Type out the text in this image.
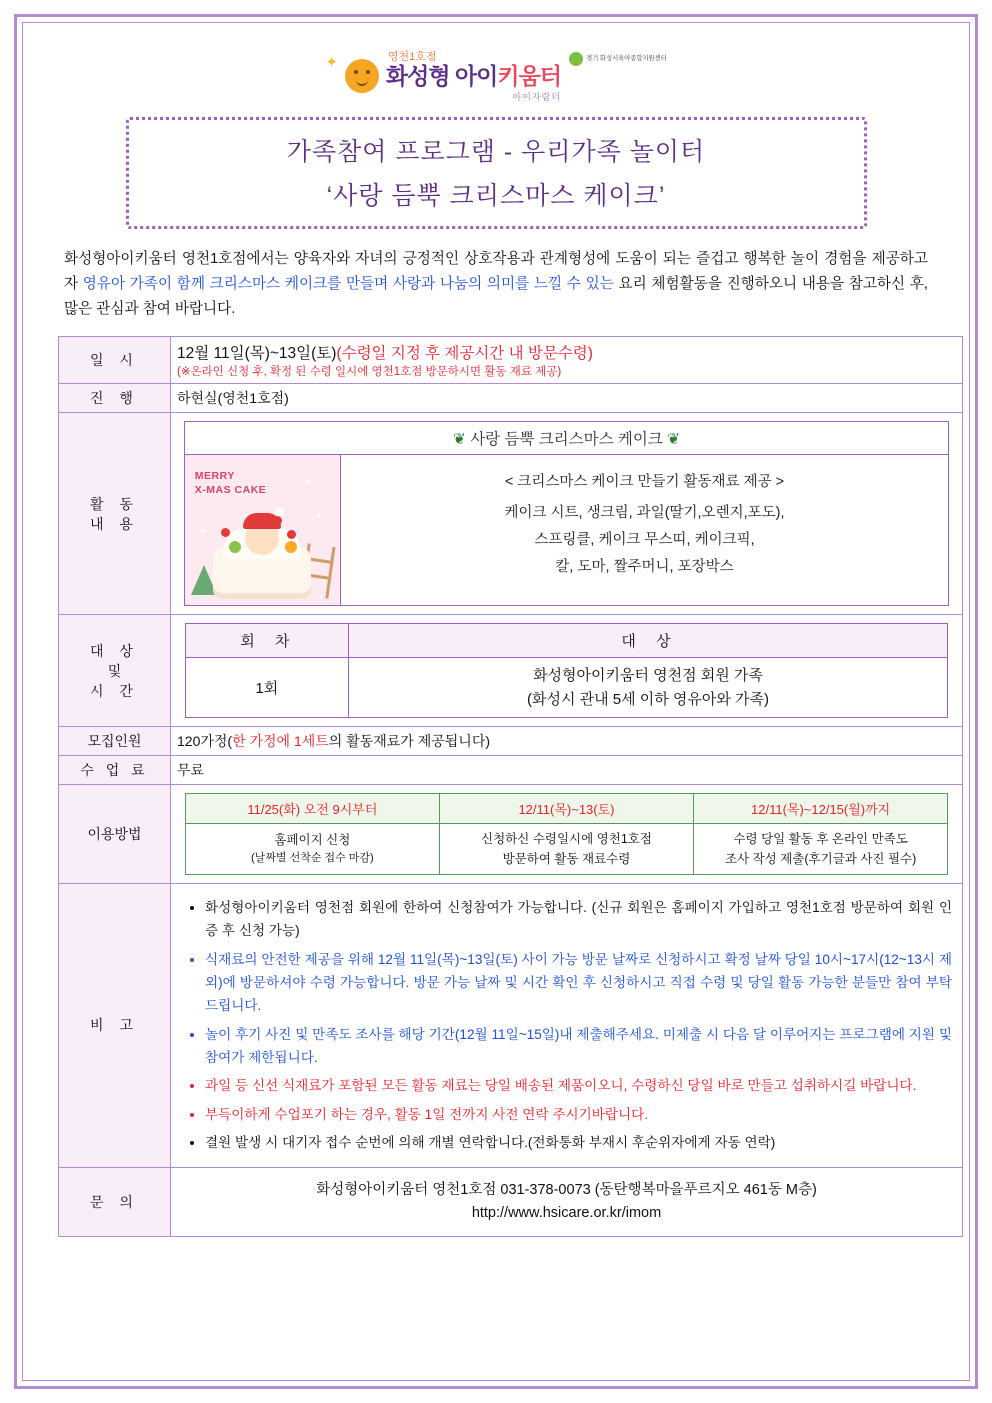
✦	영천1호점
화성형 아이키움터
아이자람터
경기 화성시육아종합지원센터
가족참여 프로그램 - 우리가족 놀이터
‘사랑 듬뿍 크리스마스 케이크’

화성형아이키움터 영천1호점에서는 양육자와 자녀의 긍정적인 상호작용과 관계형성에 도움이 되는 즐겁고 행복한 놀이 경험을 제공하고자 영유아 가족이 함께 크리스마스 케이크를 만들며 사랑과 나눔의 의미를 느낄 수 있는 요리 체험활동을 진행하오니 내용을 참고하신 후, 많은 관심과 참여 바랍니다.

일 시	12월 11일(목)~13일(토)(수령일 지정 후 제공시간 내 방문수령)
(※온라인 신청 후, 확정 된 수령 일시에 영천1호점 방문하시면 활동 재료 제공)

진 행	하현실(영천1호점)

활 동
내 용

❦ 사랑 듬뿍 크리스마스 케이크 ❦
MERRY
X-MAS CAKE
< 크리스마스 케이크 만들기 활동재료 제공 >
케이크 시트, 생크림, 과일(딸기,오렌지,포도),
스프링클, 케이크 무스띠, 케이크픽,
칼, 도마, 짤주머니, 포장박스

대 상
및
시 간

회 차	대 상
1회	
화성형아이키움터 영천점 회원 가족
(화성시 관내 5세 이하 영유아와 가족)

모집인원	120가정(한 가정에 1세트의 활동재료가 제공됩니다)
수 업 료	무료
이용방법	
11/25(화) 오전 9시부터	12/11(목)~13(토)	12/11(목)~12/15(월)까지

홈페이지 신청
(날짜별 선착순 접수 마감)

신청하신 수령일시에 영천1호점
방문하여 활동 재료수령

수령 당일 활동 후 온라인 만족도
조사 작성 제출(후기글과 사진 필수)

비 고	
• 화성형아이키움터 영천점 회원에 한하여 신청참여가 가능합니다. (신규 회원은 홈페이지 가입하고 영천1호점 방문하여 회원 인증 후 신청 가능)
• 식재료의 안전한 제공을 위해 12월 11일(목)~13일(토) 사이 가능 방문 날짜로 신청하시고 확정 날짜 당일 10시~17시(12~13시 제외)에 방문하셔야 수령 가능합니다. 방문 가능 날짜 및 시간 확인 후 신청하시고 직접 수령 및 당일 활동 가능한 분들만 참여 부탁드립니다.
• 놀이 후기 사진 및 만족도 조사를 해당 기간(12월 11일~15일)내 제출해주세요. 미제출 시 다음 달 이루어지는 프로그램에 지원 및 참여가 제한됩니다.
• 과일 등 신선 식재료가 포함된 모든 활동 재료는 당일 배송된 제품이오니, 수령하신 당일 바로 만들고 섭취하시길 바랍니다.
• 부득이하게 수업포기 하는 경우, 활동 1일 전까지 사전 연락 주시기바랍니다.
• 결원 발생 시 대기자 접수 순번에 의해 개별 연락합니다.(전화통화 부재시 후순위자에게 자동 연락)

문 의	
화성형아이키움터 영천1호점 031-378-0073 (동탄행복마을푸르지오 461동 M층)
http://www.hsicare.or.kr/imom
